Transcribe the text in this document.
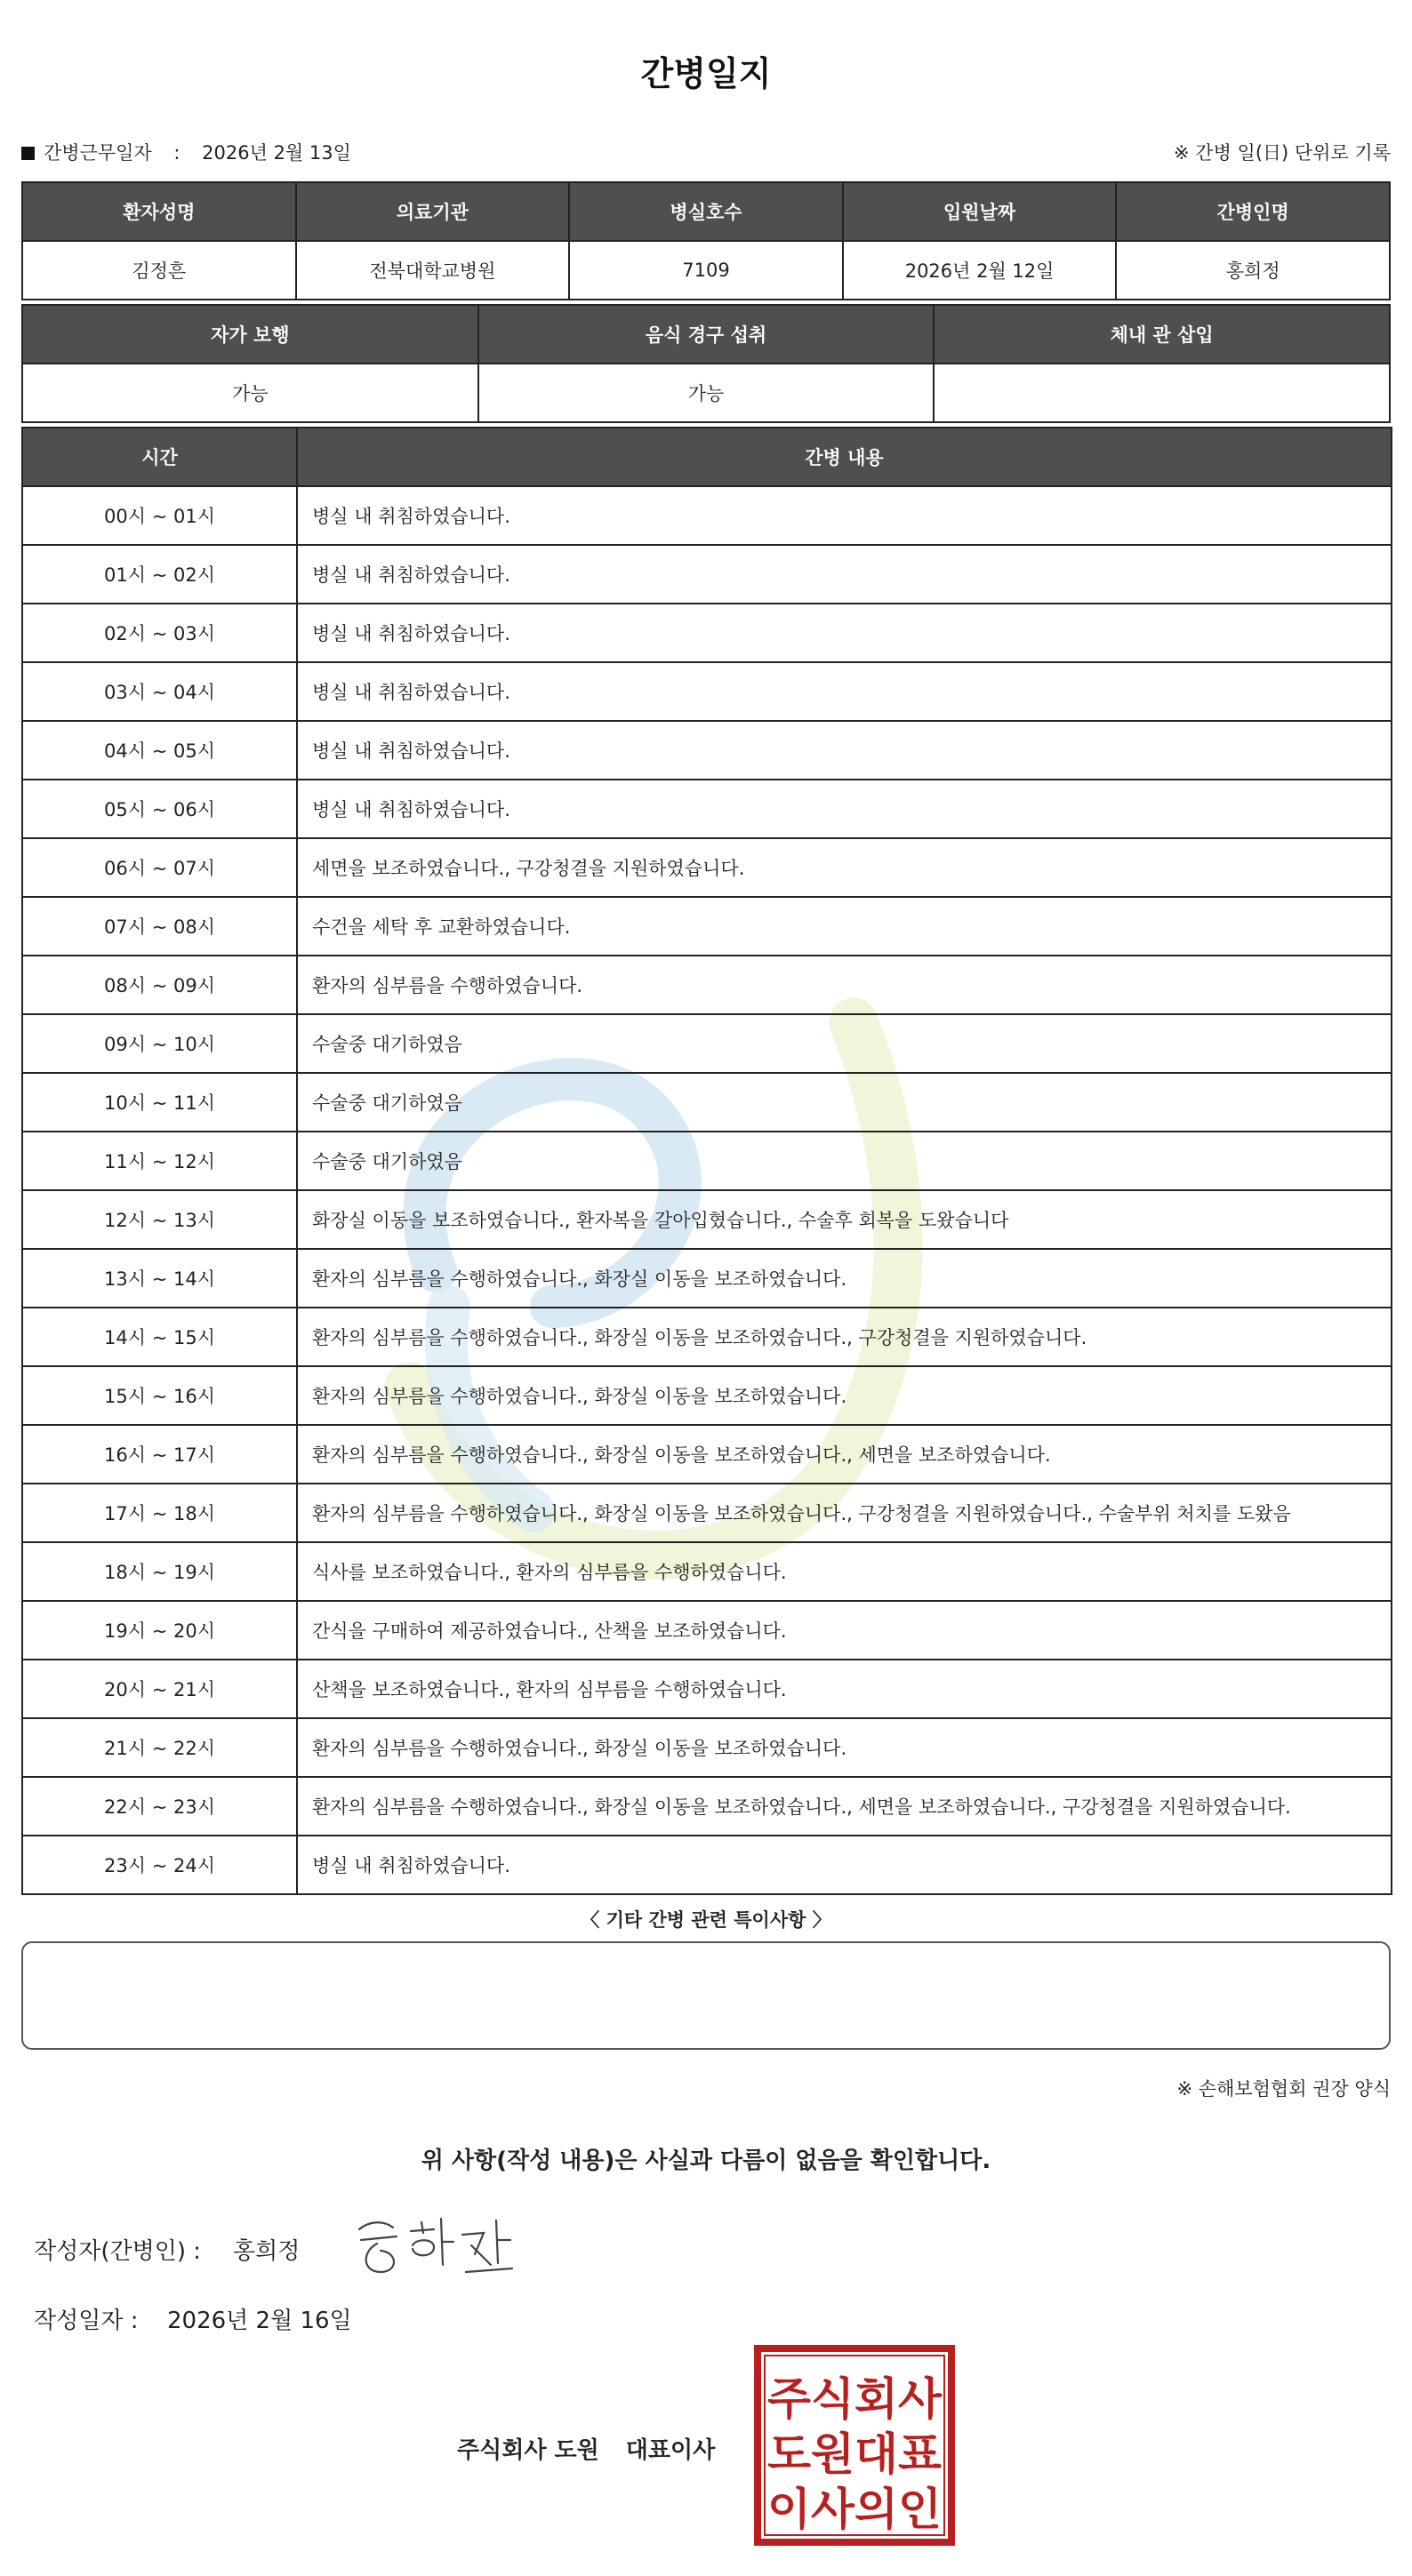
간병일지
간병근무일자 : 2026년 2월 13일	※ 간병 일(日) 단위로 기록
환자성명	의료기관	병실호수	입원날짜	간병인명
김정흔	전북대학교병원	7109	2026년 2월 12일	홍희정
자가 보행	음식 경구 섭취	체내 관 삽입
가능	가능	
시간	간병 내용
00시 ~ 01시	병실 내 취침하였습니다.
01시 ~ 02시	병실 내 취침하였습니다.
02시 ~ 03시	병실 내 취침하였습니다.
03시 ~ 04시	병실 내 취침하였습니다.
04시 ~ 05시	병실 내 취침하였습니다.
05시 ~ 06시	병실 내 취침하였습니다.
06시 ~ 07시	세면을 보조하였습니다., 구강청결을 지원하였습니다.
07시 ~ 08시	수건을 세탁 후 교환하였습니다.
08시 ~ 09시	환자의 심부름을 수행하였습니다.
09시 ~ 10시	수술중 대기하였음
10시 ~ 11시	수술중 대기하였음
11시 ~ 12시	수술중 대기하였음
12시 ~ 13시	화장실 이동을 보조하였습니다., 환자복을 갈아입혔습니다., 수술후 회복을 도왔습니다
13시 ~ 14시	환자의 심부름을 수행하였습니다., 화장실 이동을 보조하였습니다.
14시 ~ 15시	환자의 심부름을 수행하였습니다., 화장실 이동을 보조하였습니다., 구강청결을 지원하였습니다.
15시 ~ 16시	환자의 심부름을 수행하였습니다., 화장실 이동을 보조하였습니다.
16시 ~ 17시	환자의 심부름을 수행하였습니다., 화장실 이동을 보조하였습니다., 세면을 보조하였습니다.
17시 ~ 18시	환자의 심부름을 수행하였습니다., 화장실 이동을 보조하였습니다., 구강청결을 지원하였습니다., 수술부위 처치를 도왔음
18시 ~ 19시	식사를 보조하였습니다., 환자의 심부름을 수행하였습니다.
19시 ~ 20시	간식을 구매하여 제공하였습니다., 산책을 보조하였습니다.
20시 ~ 21시	산책을 보조하였습니다., 환자의 심부름을 수행하였습니다.
21시 ~ 22시	환자의 심부름을 수행하였습니다., 화장실 이동을 보조하였습니다.
22시 ~ 23시	환자의 심부름을 수행하였습니다., 화장실 이동을 보조하였습니다., 세면을 보조하였습니다., 구강청결을 지원하였습니다.
23시 ~ 24시	병실 내 취침하였습니다.
〈 기타 간병 관련 특이사항 〉
※ 손해보험협회 권장 양식
위 사항(작성 내용)은 사실과 다름이 없음을 확인합니다.
작성자(간병인) : 홍희정
작성일자 : 2026년 2월 16일
주식회사 도원 대표이사
주식회사
도원대표
이사의인
